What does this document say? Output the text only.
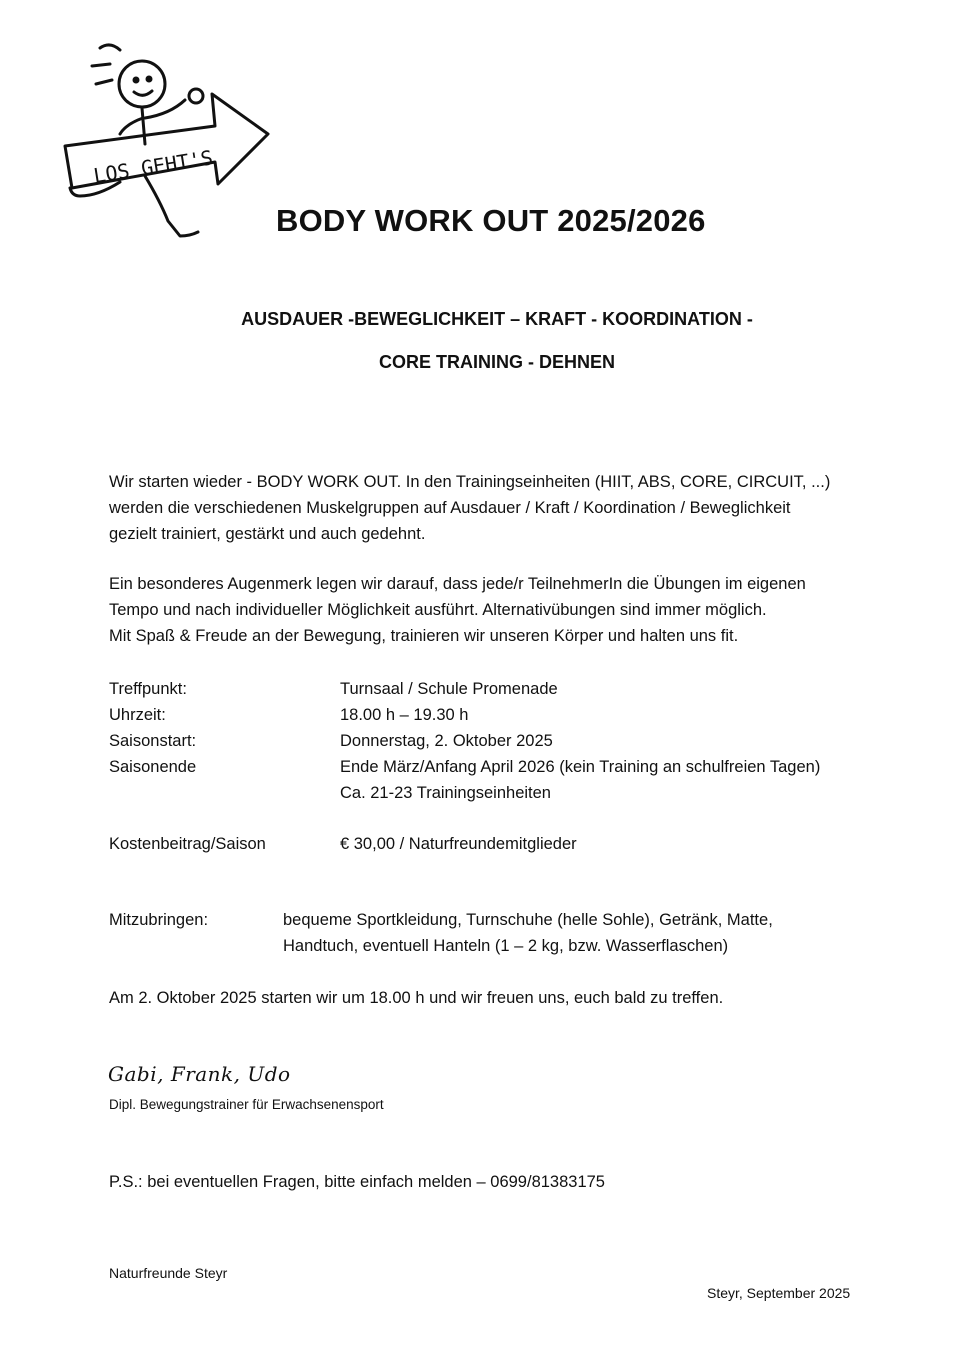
LOS GEHT'S
BODY WORK OUT 2025/2026
AUSDAUER -BEWEGLICHKEIT – KRAFT - KOORDINATION -
CORE TRAINING - DEHNEN
Wir starten wieder - BODY WORK OUT. In den Trainingseinheiten (HIIT, ABS, CORE, CIRCUIT, ...)
werden die verschiedenen Muskelgruppen auf Ausdauer / Kraft / Koordination / Beweglichkeit
gezielt trainiert, gestärkt und auch gedehnt.
Ein besonderes Augenmerk legen wir darauf, dass jede/r TeilnehmerIn die Übungen im eigenen
Tempo und nach individueller Möglichkeit ausführt. Alternativübungen sind immer möglich.
Mit Spaß & Freude an der Bewegung, trainieren wir unseren Körper und halten uns fit.
Treffpunkt:	Turnsaal / Schule Promenade
Uhrzeit:	18.00 h – 19.30 h
Saisonstart:	Donnerstag, 2. Oktober 2025
Saisonende	Ende März/Anfang April 2026 (kein Training an schulfreien Tagen)
Ca. 21-23 Trainingseinheiten
Kostenbeitrag/Saison	€ 30,00 / Naturfreundemitglieder
Mitzubringen:	bequeme Sportkleidung, Turnschuhe (helle Sohle), Getränk, Matte,
Handtuch, eventuell Hanteln (1 – 2 kg, bzw. Wasserflaschen)
Am 2. Oktober 2025 starten wir um 18.00 h und wir freuen uns, euch bald zu treffen.
Gabi, Frank, Udo
Dipl. Bewegungstrainer für Erwachsenensport
P.S.: bei eventuellen Fragen, bitte einfach melden – 0699/81383175
Naturfreunde Steyr
Steyr, September 2025
